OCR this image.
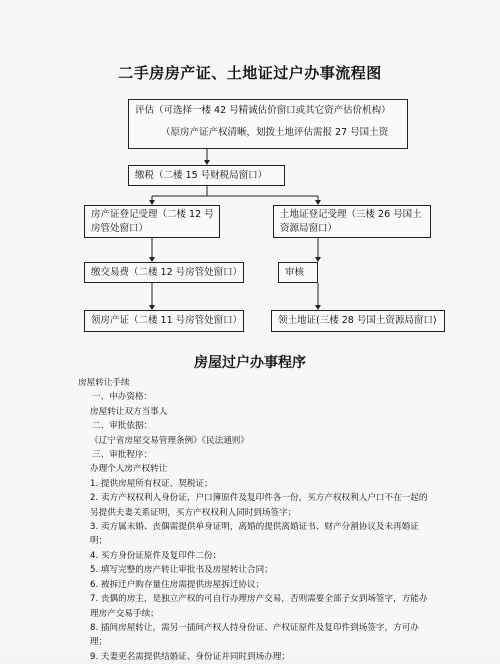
二手房房产证、土地证过户办事流程图
评估（可选择一楼 42 号精诚估价窗口或其它资产估价机构）
（原房产证产权清晰，划拨土地评估需报 27 号国土资
缴税（二楼 15 号财税局窗口）
房产证登记受理（二楼 12 号
房管处窗口）
土地证登记受理（三楼 26 号国土
资源局窗口）
缴交易费（二楼 12 号房管处窗口）	审核
领房产证（二楼 11 号房管处窗口）	领土地证(三楼 28 号国土资源局窗口)
房屋过户办事程序
房屋转让手续
一、申办资格：
房屋转让双方当事人
二、审批依据：
《辽宁省房屋交易管理条例》《民法通则》
三、审批程序：
办理个人房产权转让
1. 提供房屋所有权证、契税证；
2. 卖方产权权利人身份证，户口簿原件及复印件各一份，买方产权权利人户口不在一起的另提供夫妻关系证明，买方产权权利人同时到场签字；
3. 卖方属未婚、丧偶需提供单身证明，离婚的提供离婚证书、财产分割协议及未再婚证明；
4. 买方身份证原件及复印件二份；
5. 填写完整的房产转让审批书及房屋转让合同；
6. 被拆迁户购存量住房需提供房屋拆迁协议；
7. 丧偶的房主，是独立产权的可自行办理房产交易，否则需要全部子女到场签字，方能办理房产交易手续；
8. 插间房屋转让，需另一插间产权人持身份证、产权证原件及复印件到场签字，方可办理；
9. 夫妻更名需提供结婚证、身份证并同时到场办理；
